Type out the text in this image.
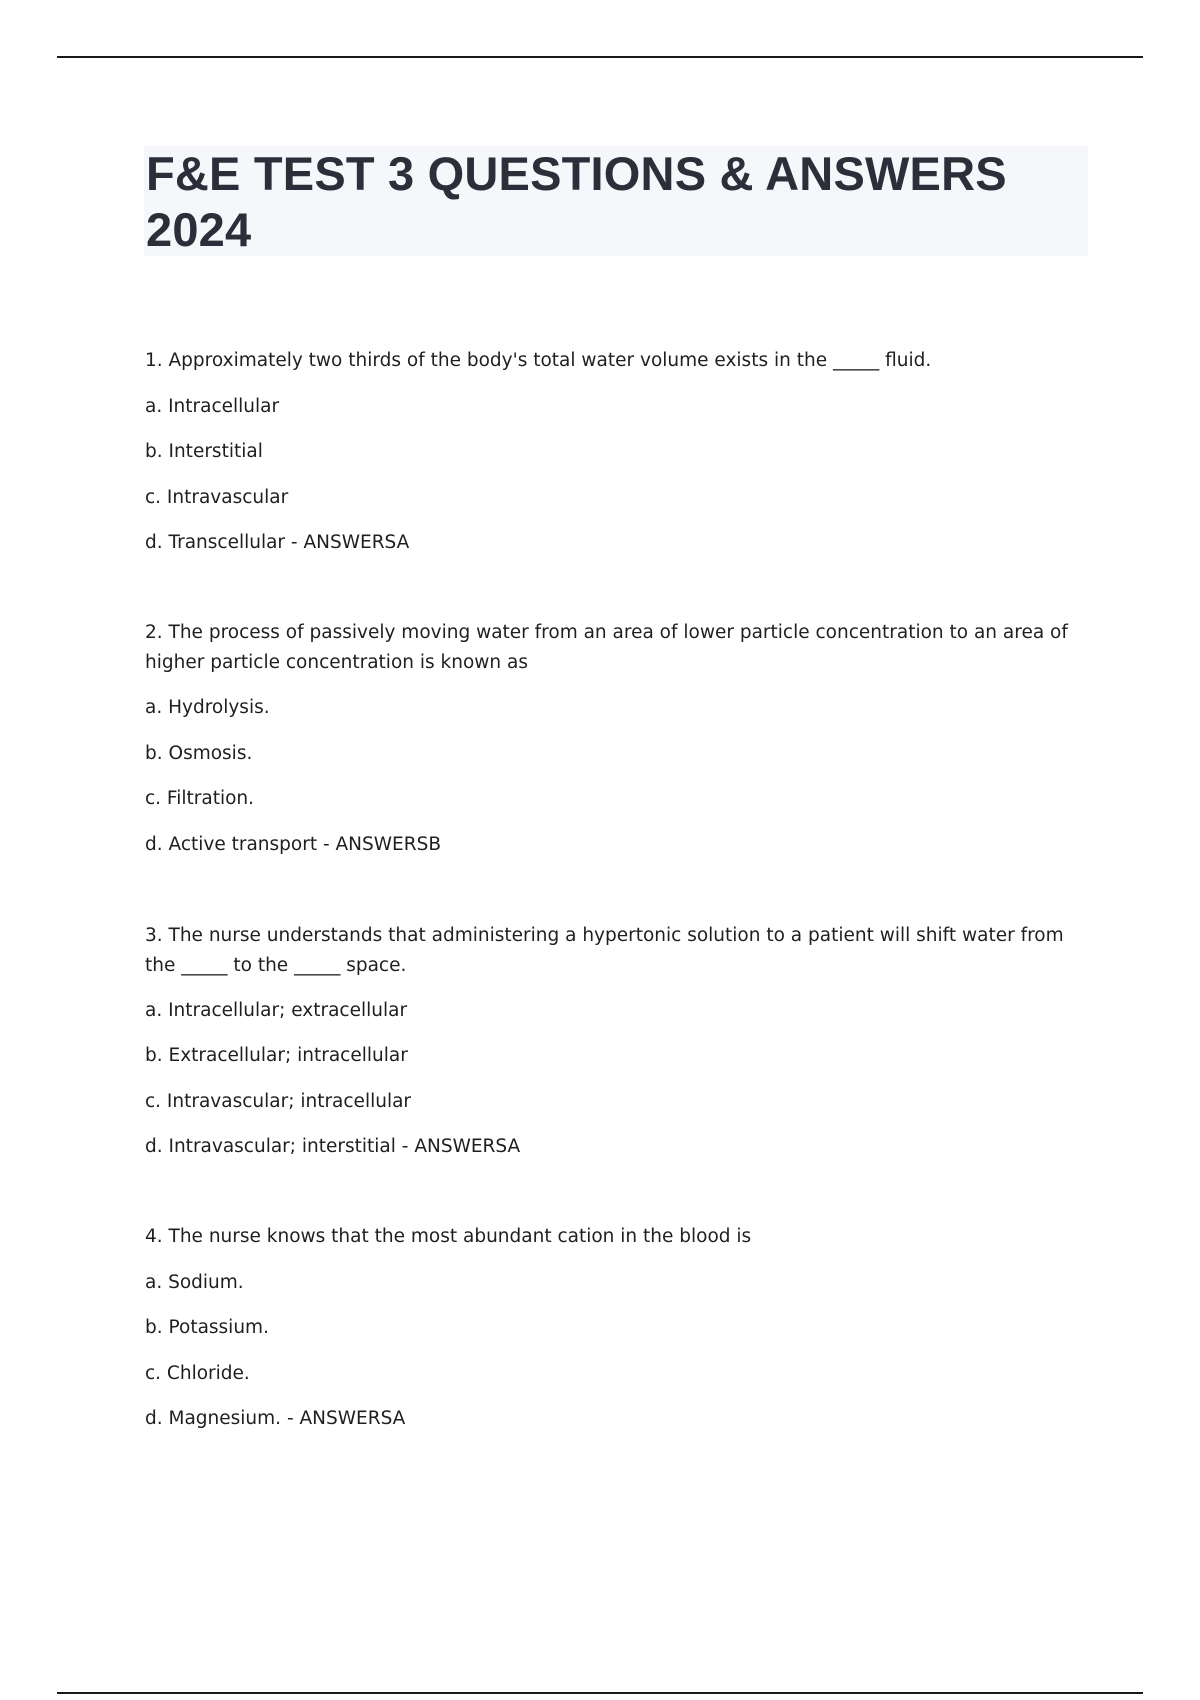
F&E TEST 3 QUESTIONS & ANSWERS 2024

1. Approximately two thirds of the body's total water volume exists in the _____ fluid.

a. Intracellular

b. Interstitial

c. Intravascular

d. Transcellular - ANSWERSA

2. The process of passively moving water from an area of lower particle concentration to an area of higher particle concentration is known as

a. Hydrolysis.

b. Osmosis.

c. Filtration.

d. Active transport - ANSWERSB

3. The nurse understands that administering a hypertonic solution to a patient will shift water from the _____ to the _____ space.

a. Intracellular; extracellular

b. Extracellular; intracellular

c. Intravascular; intracellular

d. Intravascular; interstitial - ANSWERSA

4. The nurse knows that the most abundant cation in the blood is

a. Sodium.

b. Potassium.

c. Chloride.

d. Magnesium. - ANSWERSA
